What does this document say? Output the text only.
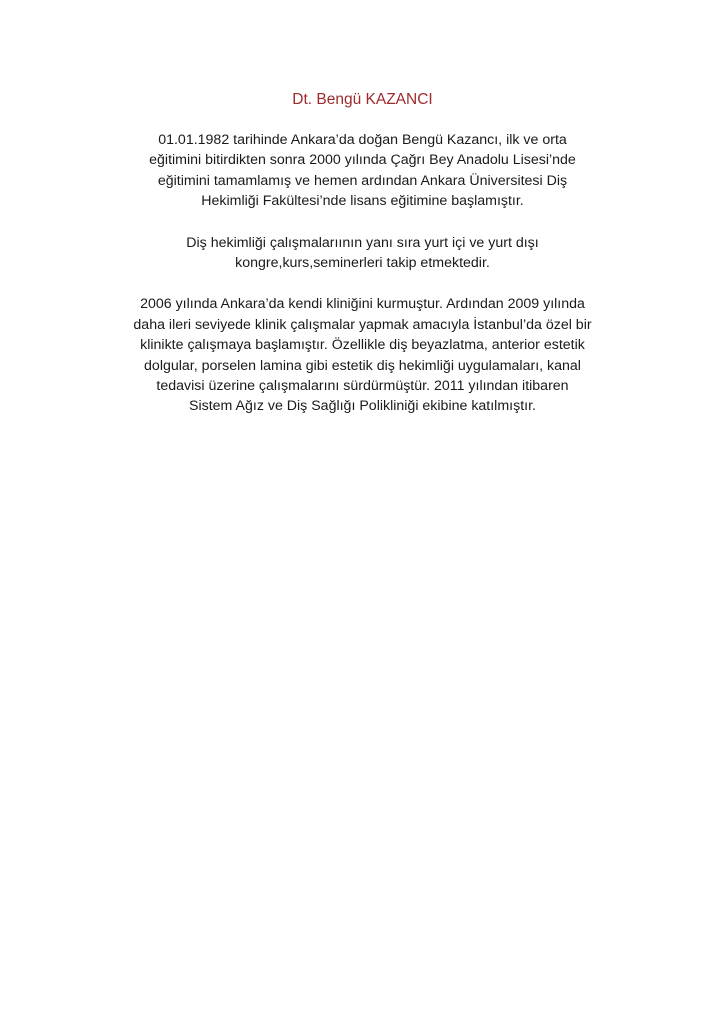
Dt. Bengü KAZANCI

01.01.1982 tarihinde Ankara’da doğan Bengü Kazancı, ilk ve orta
eğitimini bitirdikten sonra 2000 yılında Çağrı Bey Anadolu Lisesi’nde
eğitimini tamamlamış ve hemen ardından Ankara Üniversitesi Diş
Hekimliği Fakültesi’nde lisans eğitimine başlamıştır.

Diş hekimliği çalışmalarıının yanı sıra yurt içi ve yurt dışı
kongre,kurs,seminerleri takip etmektedir.

2006 yılında Ankara’da kendi kliniğini kurmuştur. Ardından 2009 yılında
daha ileri seviyede klinik çalışmalar yapmak amacıyla İstanbul’da özel bir
klinikte çalışmaya başlamıştır. Özellikle diş beyazlatma, anterior estetik
dolgular, porselen lamina gibi estetik diş hekimliği uygulamaları, kanal
tedavisi üzerine çalışmalarını sürdürmüştür. 2011 yılından itibaren
Sistem Ağız ve Diş Sağlığı Polikliniği ekibine katılmıştır.
